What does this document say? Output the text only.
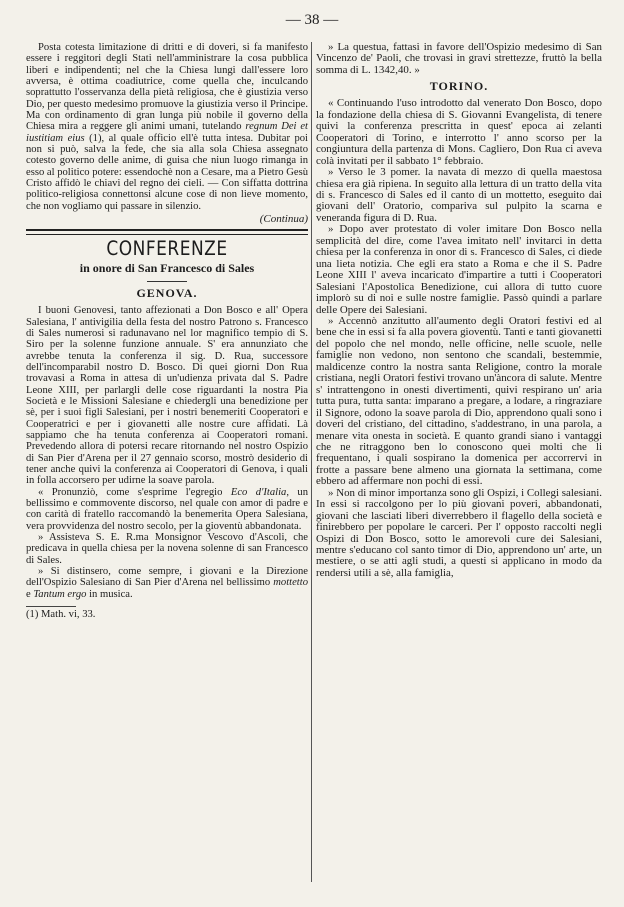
— 38 —

Posta cotesta limitazione di dritti e di doveri, si fa manifesto essere i reggitori degli Stati nell'amministrare la cosa pubblica liberi e indipendenti; nel che la Chiesa lungi dall'essere loro avversa, è ottima coadiutrice, come quella che, inculcando soprattutto l'osservanza della pietà religiosa, che è giustizia verso Dio, per questo medesimo promuove la giustizia verso il Principe. Ma con ordinamento di gran lunga più nobile il governo della Chiesa mira a reggere gli animi umani, tutelando regnum Dei et iustitiam eius (1), al quale officio ell'è tutta intesa. Dubitar poi non si può, salva la fede, che sia alla sola Chiesa assegnato cotesto governo delle anime, di guisa che niun luogo rimanga in esso al politico potere: essendochè non a Cesare, ma a Pietro Gesù Cristo affidò le chiavi del regno dei cieli. — Con siffatta dottrina politico-religiosa connettonsi alcune cose di non lieve momento, che non vogliamo qui passare in silenzio.

(Continua)
CONFERENZE
in onore di San Francesco di Sales
GENOVA.

I buoni Genovesi, tanto affezionati a Don Bosco e all' Opera Salesiana, l' antivigilia della festa del nostro Patrono s. Francesco di Sales numerosi si radunavano nel lor magnifico tempio di S. Siro per la solenne funzione annuale. S' era annunziato che avrebbe tenuta la conferenza il sig. D. Rua, successore dell'incomparabil nostro D. Bosco. Di quei giorni Don Rua trovavasi a Roma in attesa di un'udienza privata dal S. Padre Leone XIII, per parlargli delle cose riguardanti la nostra Pia Società e le Missioni Salesiane e chiedergli una benedizione per sè, per i suoi figli Salesiani, per i nostri benemeriti Cooperatori e Cooperatrici e per i giovanetti alle nostre cure affidati. Là sappiamo che ha tenuta conferenza ai Cooperatori romani. Prevedendo allora di potersi recare ritornando nel nostro Ospizio di San Pier d'Arena per il 27 gennaio scorso, mostrò desiderio di tener anche quivi la conferenza ai Cooperatori di Genova, i quali in folla accorsero per udirne la soave parola.

« Pronunziò, come s'esprime l'egregio Eco d'Italia, un bellissimo e commovente discorso, nel quale con amor di padre e con carità di fratello raccomandò la benemerita Opera Salesiana, vera provvidenza del nostro secolo, per la gioventù abbandonata.

» Assisteva S. E. R.ma Monsignor Vescovo d'Ascoli, che predicava in quella chiesa per la novena solenne di san Francesco di Sales.

» Si distinsero, come sempre, i giovani e la Direzione dell'Ospizio Salesiano di San Pier d'Arena nel bellissimo mottetto e Tantum ergo in musica.

(1) Math. vi, 33.

» La questua, fattasi in favore dell'Ospizio medesimo di San Vincenzo de' Paoli, che trovasi in gravi strettezze, fruttò la bella somma di L. 1342,40. »

TORINO.

« Continuando l'uso introdotto dal venerato Don Bosco, dopo la fondazione della chiesa di S. Giovanni Evangelista, di tenere quivi la conferenza prescritta in quest' epoca ai zelanti Cooperatori di Torino, e interrotto l' anno scorso per la congiuntura della partenza di Mons. Cagliero, Don Rua ci aveva colà invitati per il sabbato 1° febbraio.

» Verso le 3 pomer. la navata di mezzo di quella maestosa chiesa era già ripiena. In seguito alla lettura di un tratto della vita di s. Francesco di Sales ed il canto di un mottetto, eseguito dai giovani dell' Oratorio, compariva sul pulpito la scarna e veneranda figura di D. Rua.

» Dopo aver protestato di voler imitare Don Bosco nella semplicità del dire, come l'avea imitato nell' invitarci in detta chiesa per la conferenza in onor di s. Francesco di Sales, ci diede una lieta notizia. Che egli era stato a Roma e che il S. Padre Leone XIII l' aveva incaricato d'impartire a tutti i Cooperatori Salesiani l'Apostolica Benedizione, cui allora di tutto cuore implorò su di noi e sulle nostre famiglie. Passò quindi a parlare delle Opere dei Salesiani.

» Accennò anzitutto all'aumento degli Oratori festivi ed al bene che in essi si fa alla povera gioventù. Tanti e tanti giovanetti del popolo che nel mondo, nelle officine, nelle scuole, nelle famiglie non vedono, non sentono che scandali, bestemmie, maldicenze contro la nostra santa Religione, contro la morale cristiana, negli Oratori festivi trovano un'àncora di salute. Mentre s' intrattengono in onesti divertimenti, quivi respirano un' aria tutta pura, tutta santa: imparano a pregare, a lodare, a ringraziare il Signore, odono la soave parola di Dio, apprendono quali sono i doveri del cristiano, del cittadino, s'addestrano, in una parola, a menare vita onesta in società. E quanto grandi siano i vantaggi che ne ritraggono ben lo conoscono quei molti che li frequentano, i quali sospirano la domenica per accorrervi in frotte a passare bene almeno una giornata la settimana, come ebbero ad affermare non pochi di essi.

» Non di minor importanza sono gli Ospizi, i Collegi salesiani. In essi si raccolgono per lo più giovani poveri, abbandonati, giovani che lasciati liberi diverrebbero il flagello della società e finirebbero per popolare le carceri. Per l' opposto raccolti negli Ospizi di Don Bosco, sotto le amorevoli cure dei Salesiani, mentre s'educano col santo timor di Dio, apprendono un' arte, un mestiere, o se atti agli studi, a questi si applicano in modo da rendersi utili a sè, alla famiglia,
